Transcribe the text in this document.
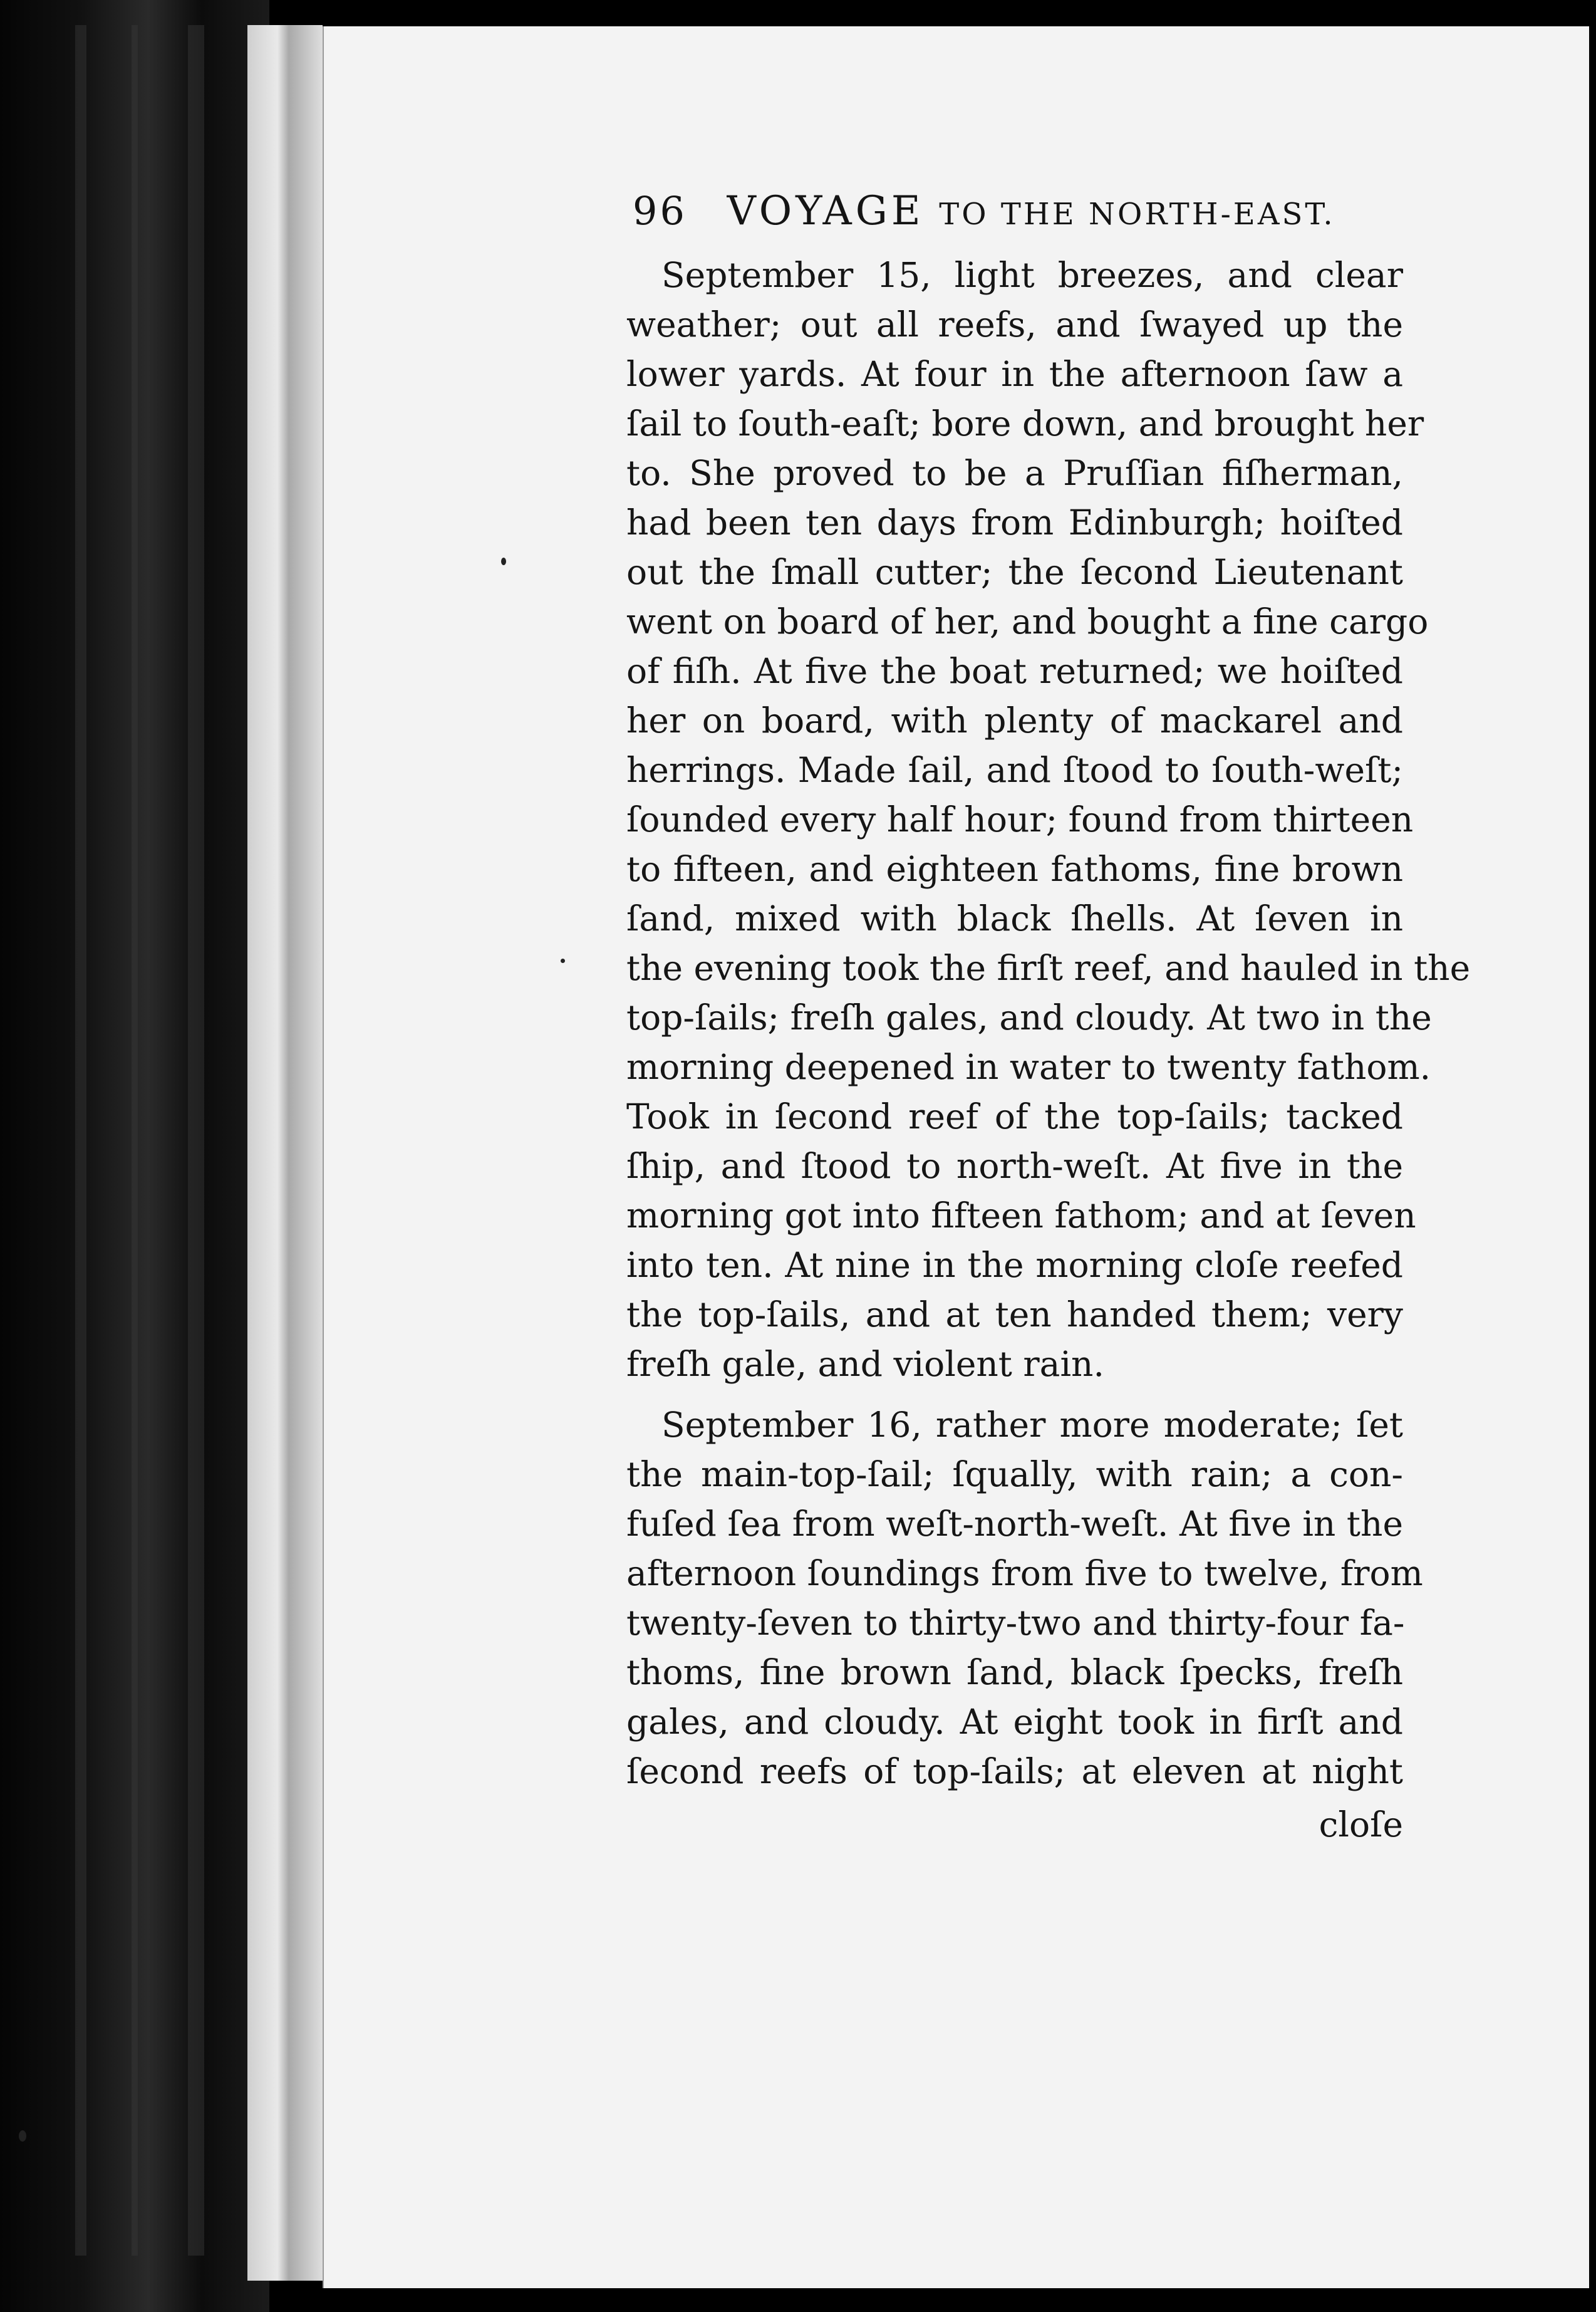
96 VOYAGE TO THE NORTH-EAST.
September 15, light breezes, and clear
weather; out all reefs, and ſwayed up the
lower yards. At four in the afternoon ſaw a
ſail to ſouth-eaſt; bore down, and brought her
to. She proved to be a Pruſſian fiſherman,
had been ten days from Edinburgh; hoiſted
out the ſmall cutter; the ſecond Lieutenant
went on board of her, and bought a fine cargo
of fiſh. At five the boat returned; we hoiſted
her on board, with plenty of mackarel and
herrings. Made ſail, and ſtood to ſouth-weſt;
ſounded every half hour; found from thirteen
to fifteen, and eighteen fathoms, fine brown
ſand, mixed with black ſhells. At ſeven in
the evening took the firſt reef, and hauled in the
top-ſails; freſh gales, and cloudy. At two in the
morning deepened in water to twenty fathom.
Took in ſecond reef of the top-ſails; tacked
ſhip, and ſtood to north-weſt. At five in the
morning got into fifteen fathom; and at ſeven
into ten. At nine in the morning cloſe reefed
the top-ſails, and at ten handed them; very
freſh gale, and violent rain.
September 16, rather more moderate; ſet
the main-top-ſail; ſqually, with rain; a con-
fuſed ſea from weſt-north-weſt. At five in the
afternoon ſoundings from five to twelve, from
twenty-ſeven to thirty-two and thirty-four fa-
thoms, fine brown ſand, black ſpecks, freſh
gales, and cloudy. At eight took in firſt and
ſecond reefs of top-ſails; at eleven at night
cloſe
